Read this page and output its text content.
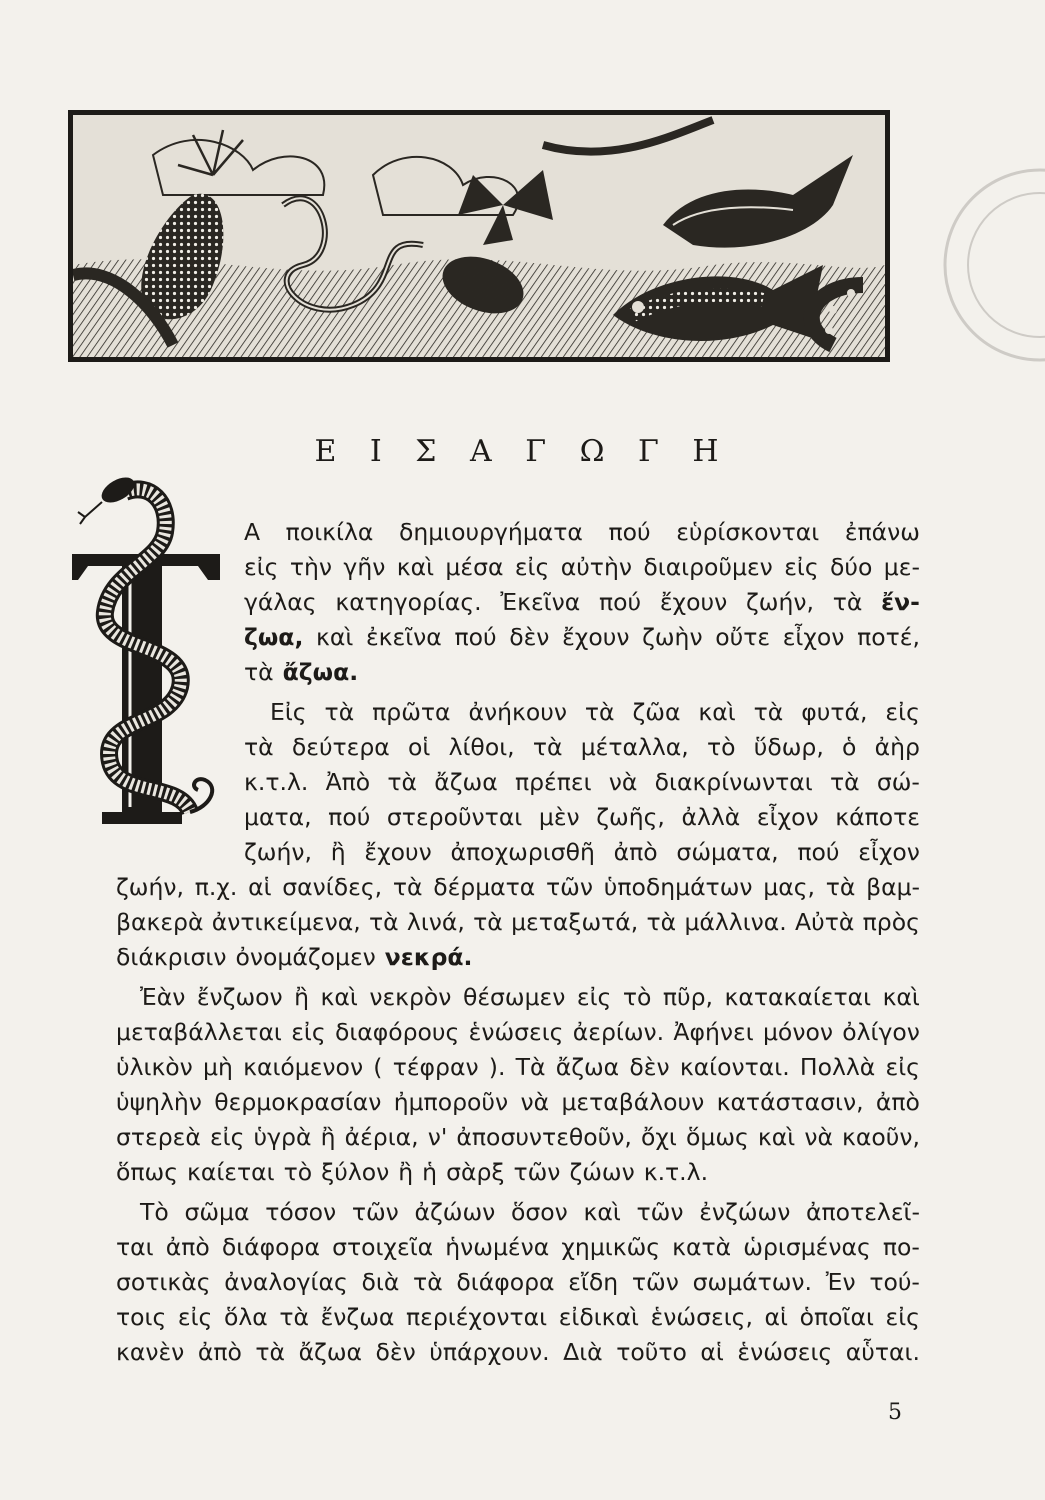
Ε Ι Σ Α Γ Ω Γ Η
Α ποικίλα δημιουργήματα πού εὑρίσκονται ἐπάνω
εἰς τὴν γῆν καὶ μέσα εἰς αὐτὴν διαιροῦμεν εἰς δύο με-
γάλας κατηγορίας. Ἐκεῖνα πού ἔχουν ζωήν, τὰ ἔν-
ζωα, καὶ ἐκεῖνα πού δὲν ἔχουν ζωὴν οὔτε εἶχον ποτέ,
τὰ ἄζωα.
Εἰς τὰ πρῶτα ἀνήκουν τὰ ζῶα καὶ τὰ φυτά, εἰς
τὰ δεύτερα οἱ λίθοι, τὰ μέταλλα, τὸ ὕδωρ, ὁ ἀὴρ
κ.τ.λ. Ἀπὸ τὰ ἄζωα πρέπει νὰ διακρίνωνται τὰ σώ-
ματα, πού στεροῦνται μὲν ζωῆς, ἀλλὰ εἶχον κάποτε
ζωήν, ἢ ἔχουν ἀποχωρισθῆ ἀπὸ σώματα, πού εἶχον
ζωήν, π.χ. αἱ σανίδες, τὰ δέρματα τῶν ὑποδημάτων μας, τὰ βαμ-
βακερὰ ἀντικείμενα, τὰ λινά, τὰ μεταξωτά, τὰ μάλλινα. Αὐτὰ πρὸς
διάκρισιν ὀνομάζομεν νεκρά.
Ἐὰν ἔνζωον ἢ καὶ νεκρὸν θέσωμεν εἰς τὸ πῦρ, κατακαίεται καὶ
μεταβάλλεται εἰς διαφόρους ἑνώσεις ἀερίων. Ἀφήνει μόνον ὀλίγον
ὑλικὸν μὴ καιόμενον ( τέφραν ). Τὰ ἄζωα δὲν καίονται. Πολλὰ εἰς
ὑψηλὴν θερμοκρασίαν ἠμποροῦν νὰ μεταβάλουν κατάστασιν, ἀπὸ
στερεὰ εἰς ὑγρὰ ἢ ἀέρια, ν' ἀποσυντεθοῦν, ὄχι ὅμως καὶ νὰ καοῦν,
ὅπως καίεται τὸ ξύλον ἢ ἡ σὰρξ τῶν ζώων κ.τ.λ.
Τὸ σῶμα τόσον τῶν ἀζώων ὅσον καὶ τῶν ἐνζώων ἀποτελεῖ-
ται ἀπὸ διάφορα στοιχεῖα ἡνωμένα χημικῶς κατὰ ὡρισμένας πο-
σοτικὰς ἀναλογίας διὰ τὰ διάφορα εἴδη τῶν σωμάτων. Ἐν τού-
τοις εἰς ὅλα τὰ ἔνζωα περιέχονται εἰδικαὶ ἑνώσεις, αἱ ὁποῖαι εἰς
κανὲν ἀπὸ τὰ ἄζωα δὲν ὑπάρχουν. Διὰ τοῦτο αἱ ἑνώσεις αὗται.
5
